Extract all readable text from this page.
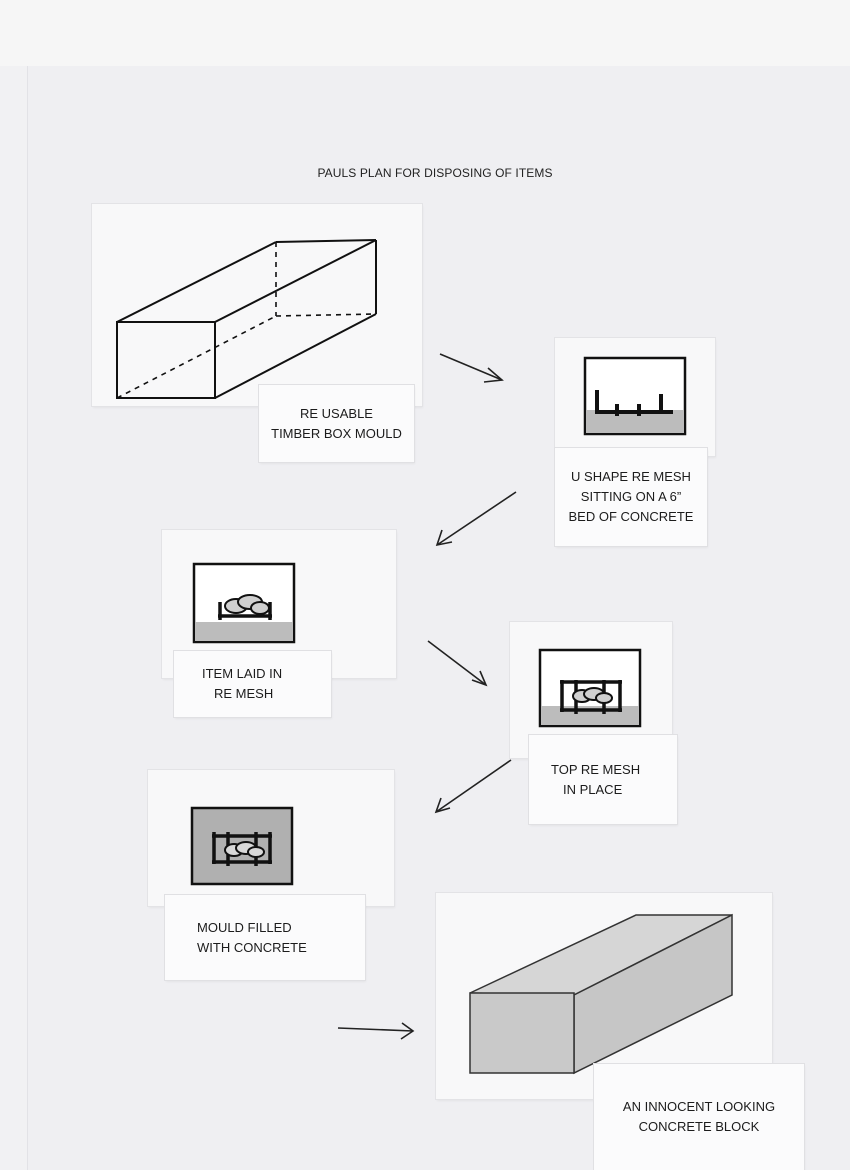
PAULS PLAN FOR DISPOSING OF ITEMS
RE USABLE
TIMBER BOX MOULD
U SHAPE RE MESH
SITTING ON A 6”
BED OF CONCRETE
ITEM LAID IN
RE MESH
TOP RE MESH
IN PLACE
MOULD FILLED
WITH CONCRETE
AN INNOCENT LOOKING
CONCRETE BLOCK
